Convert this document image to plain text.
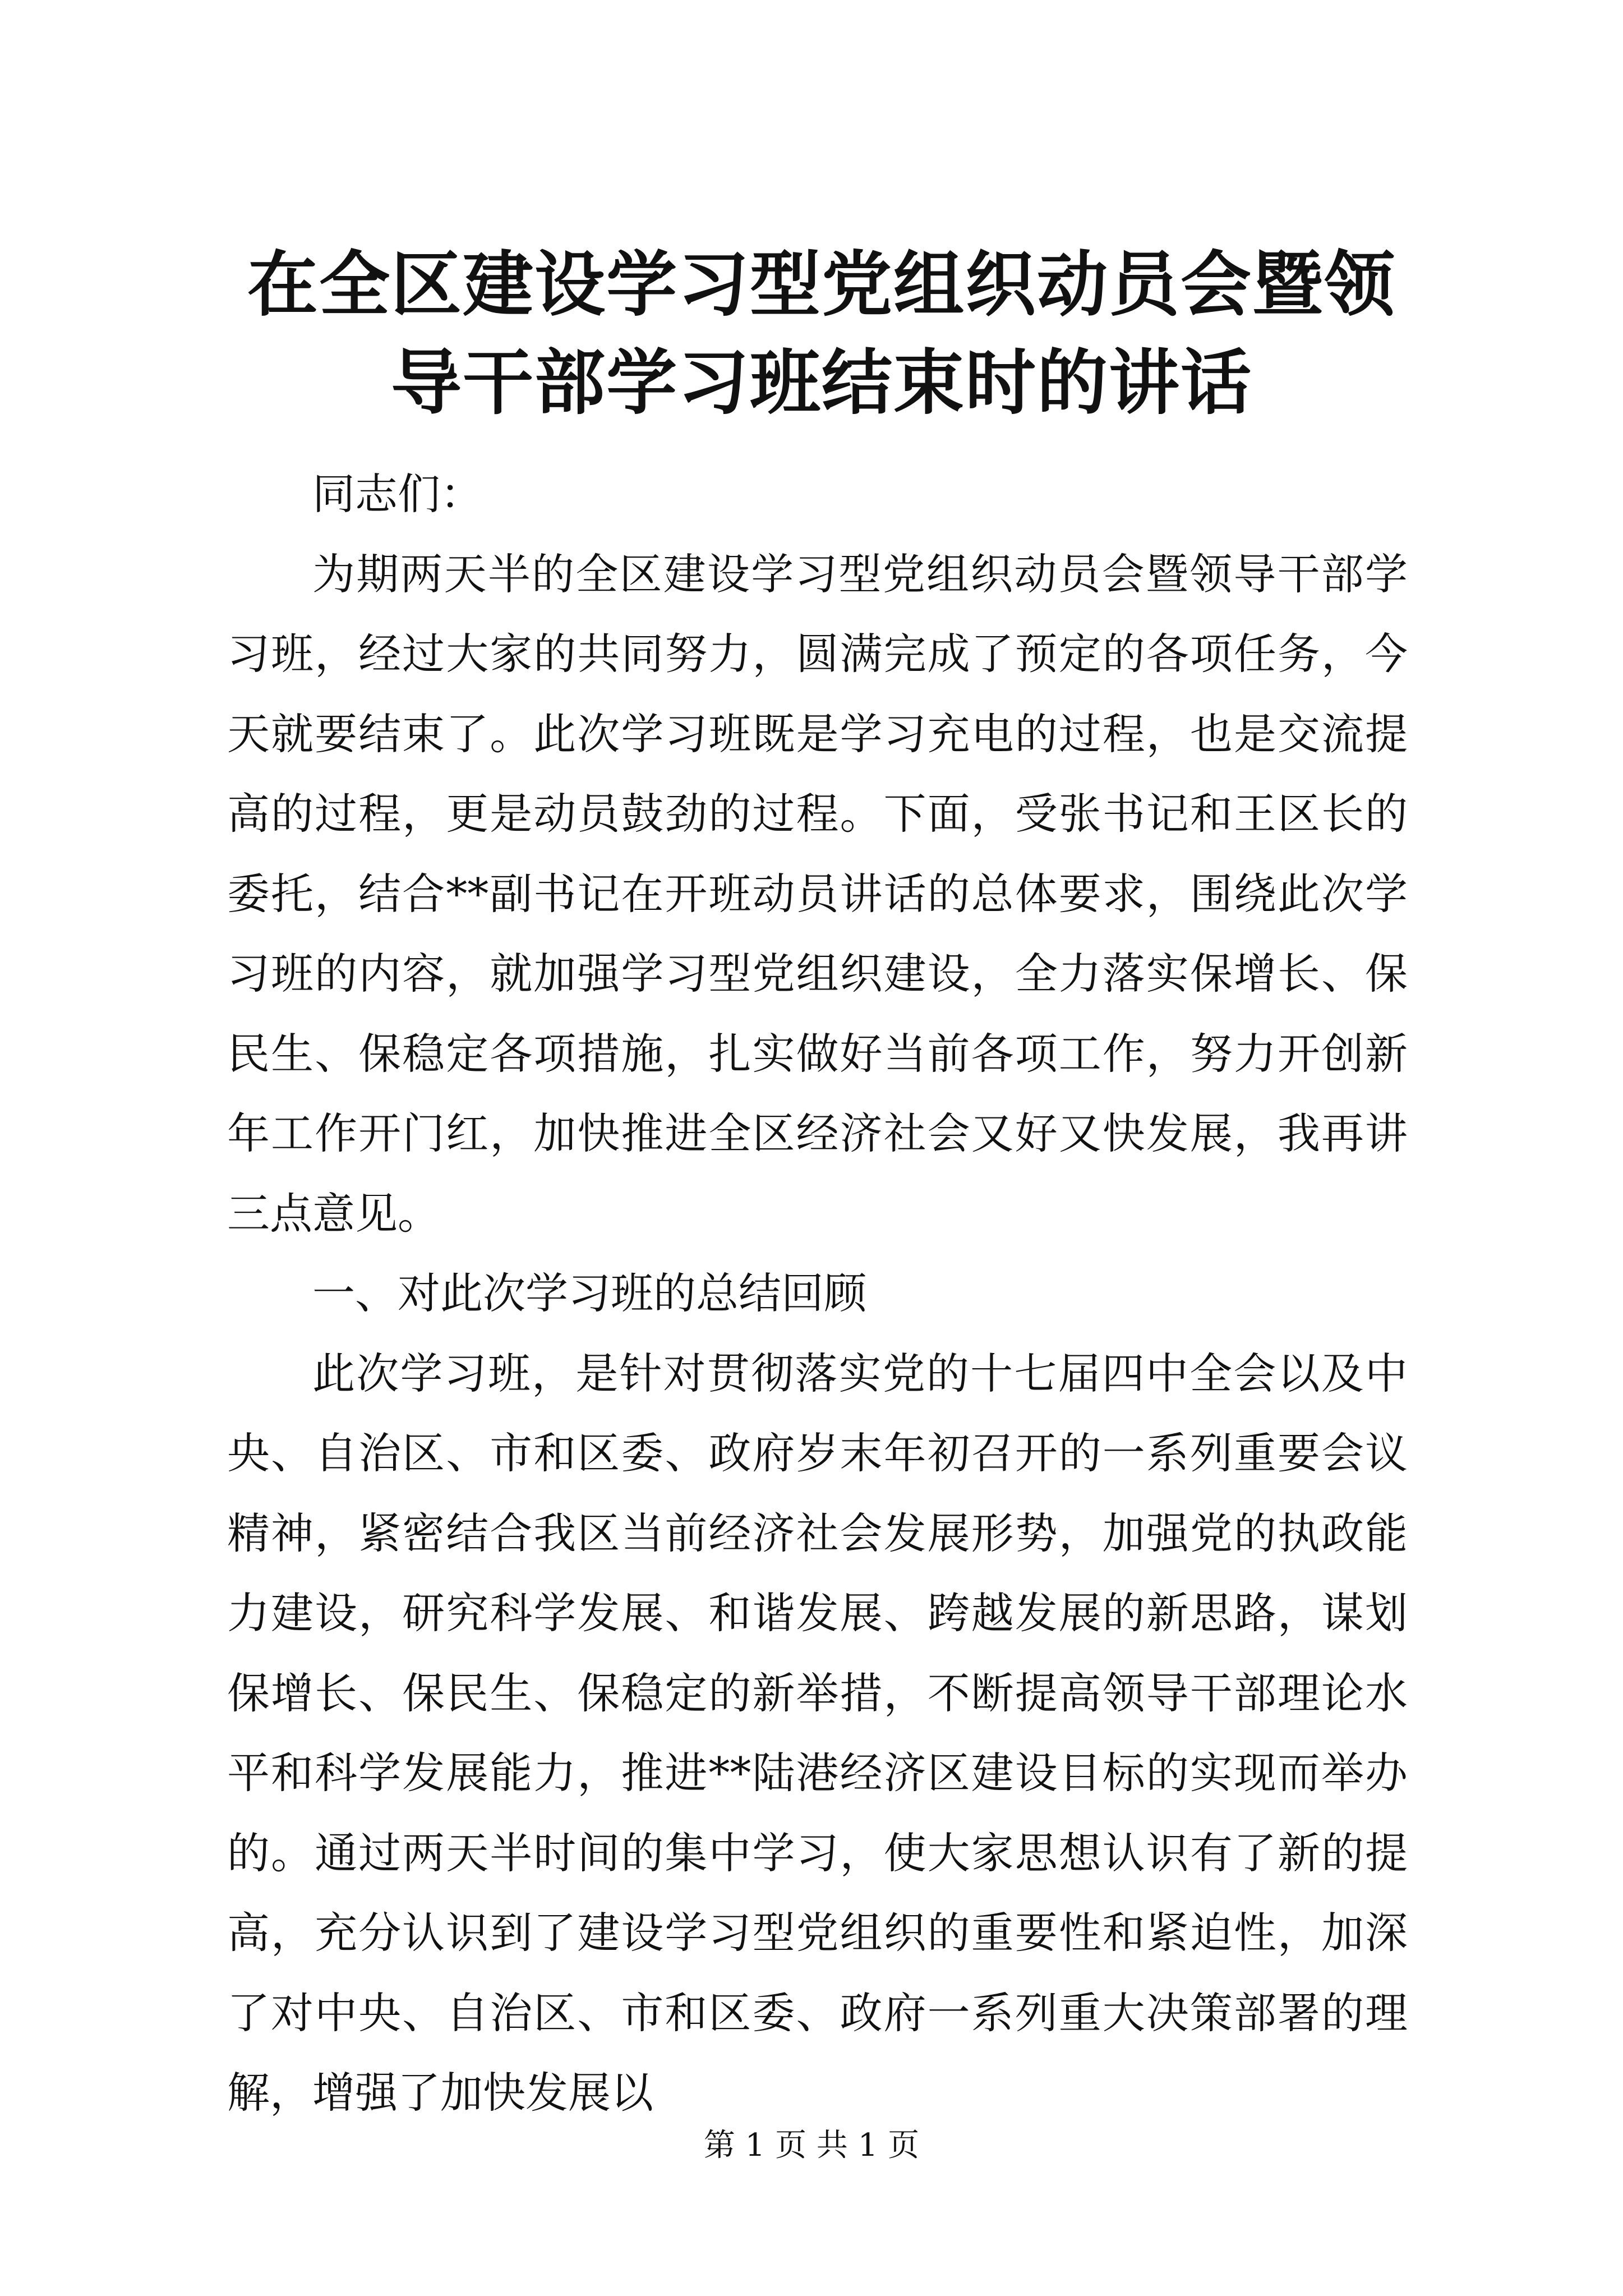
在全区建设学习型党组织动员会暨领导干部学习班结束时的讲话

同志们：

为期两天半的全区建设学习型党组织动员会暨领导干部学习班，经过大家的共同努力，圆满完成了预定的各项任务，今天就要结束了。此次学习班既是学习充电的过程，也是交流提高的过程，更是动员鼓劲的过程。下面，受张书记和王区长的委托，结合**副书记在开班动员讲话的总体要求，围绕此次学习班的内容，就加强学习型党组织建设，全力落实保增长、保民生、保稳定各项措施，扎实做好当前各项工作，努力开创新年工作开门红，加快推进全区经济社会又好又快发展，我再讲三点意见。

一、对此次学习班的总结回顾

此次学习班，是针对贯彻落实党的十七届四中全会以及中央、自治区、市和区委、政府岁末年初召开的一系列重要会议精神，紧密结合我区当前经济社会发展形势，加强党的执政能力建设，研究科学发展、和谐发展、跨越发展的新思路，谋划保增长、保民生、保稳定的新举措，不断提高领导干部理论水平和科学发展能力，推进**陆港经济区建设目标的实现而举办的。通过两天半时间的集中学习，使大家思想认识有了新的提高，充分认识到了建设学习型党组织的重要性和紧迫性，加深了对中央、自治区、市和区委、政府一系列重大决策部署的理解，增强了加快发展以

第 1 页 共 1 页
